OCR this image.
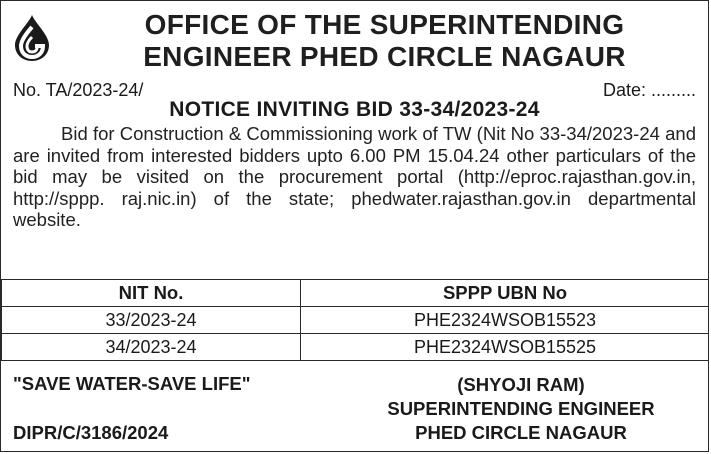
OFFICE OF THE SUPERINTENDING
ENGINEER PHED CIRCLE NAGAUR
No. TA/2023-24/	Date: .........
NOTICE INVITING BID 33-34/2023-24
Bid for Construction & Commissioning work of TW (Nit No 33-34/2023-24 and are invited from interested bidders upto 6.00 PM 15.04.24 other particulars of the bid may be visited on the procurement portal (http://eproc.rajasthan.gov.in, http://sppp. raj.nic.in) of the state; phedwater.rajasthan.gov.in departmental website.
NIT No.	SPPP UBN No
33/2023-24	PHE2324WSOB15523
34/2023-24	PHE2324WSOB15525
"SAVE WATER-SAVE LIFE"
DIPR/C/3186/2024
(SHYOJI RAM)
SUPERINTENDING ENGINEER
PHED CIRCLE NAGAUR
